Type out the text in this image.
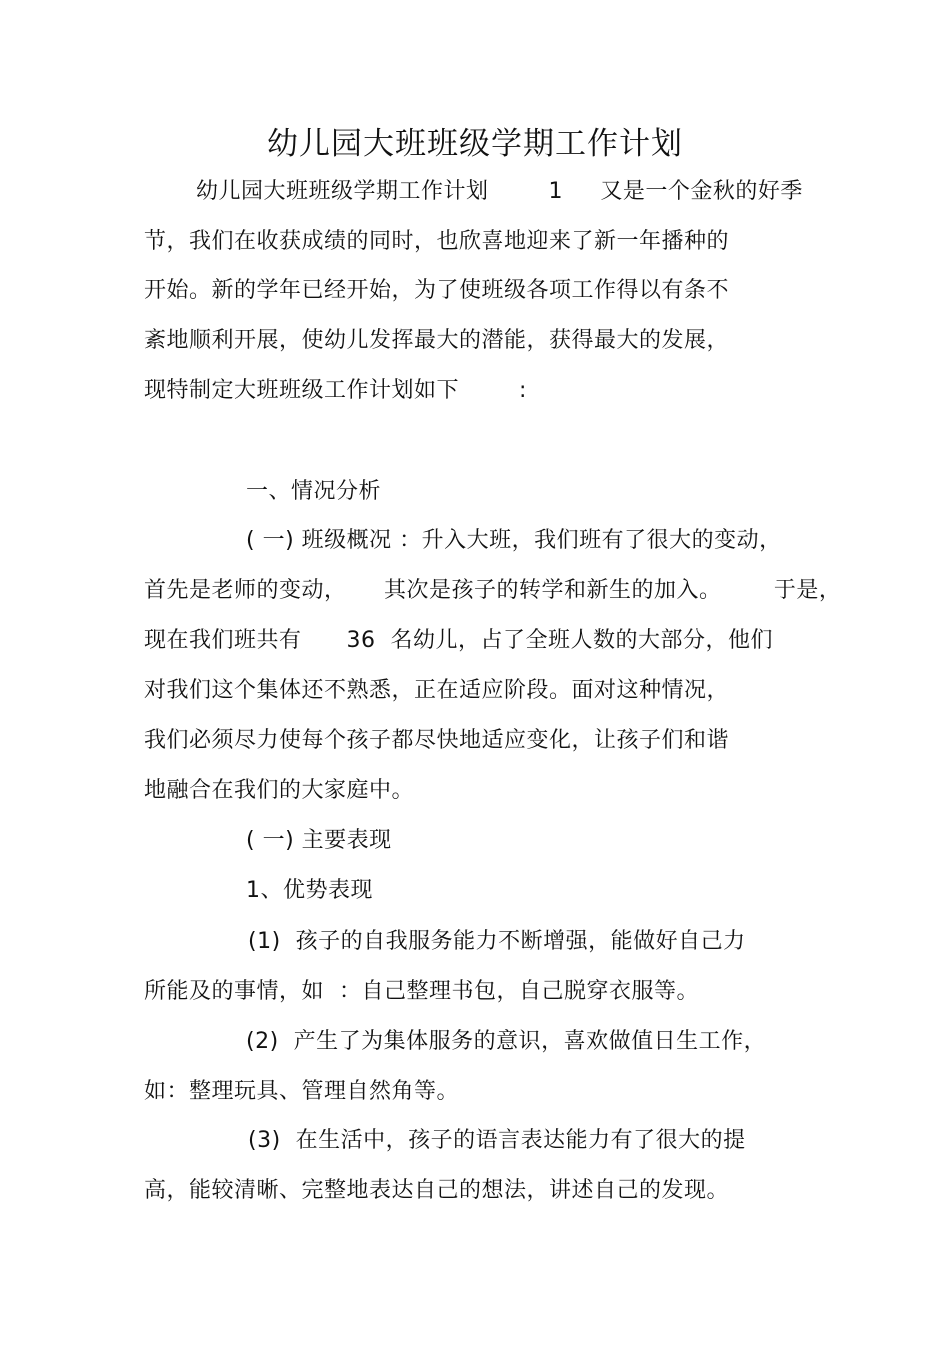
幼儿园大班班级学期工作计划
幼儿园大班班级学期工作计划        1     又是一个金秋的好季
节，我们在收获成绩的同时，也欣喜地迎来了新一年播种的
开始。新的学年已经开始，为了使班级各项工作得以有条不
紊地顺利开展，使幼儿发挥最大的潜能，获得最大的发展，
现特制定大班班级工作计划如下        :
一、情况分析
( 一) 班级概况 ：升入大班，我们班有了很大的变动，
首先是老师的变动，     其次是孩子的转学和新生的加入。       于是，
现在我们班共有      36  名幼儿，占了全班人数的大部分，他们
对我们这个集体还不熟悉，正在适应阶段。面对这种情况，
我们必须尽力使每个孩子都尽快地适应变化，让孩子们和谐
地融合在我们的大家庭中。
( 一) 主要表现
1、优势表现
(1)  孩子的自我服务能力不断增强，能做好自己力
所能及的事情，如  ：自己整理书包，自己脱穿衣服等。
(2)  产生了为集体服务的意识，喜欢做值日生工作，
如：整理玩具、管理自然角等。
(3)  在生活中，孩子的语言表达能力有了很大的提
高，能较清晰、完整地表达自己的想法，讲述自己的发现。
